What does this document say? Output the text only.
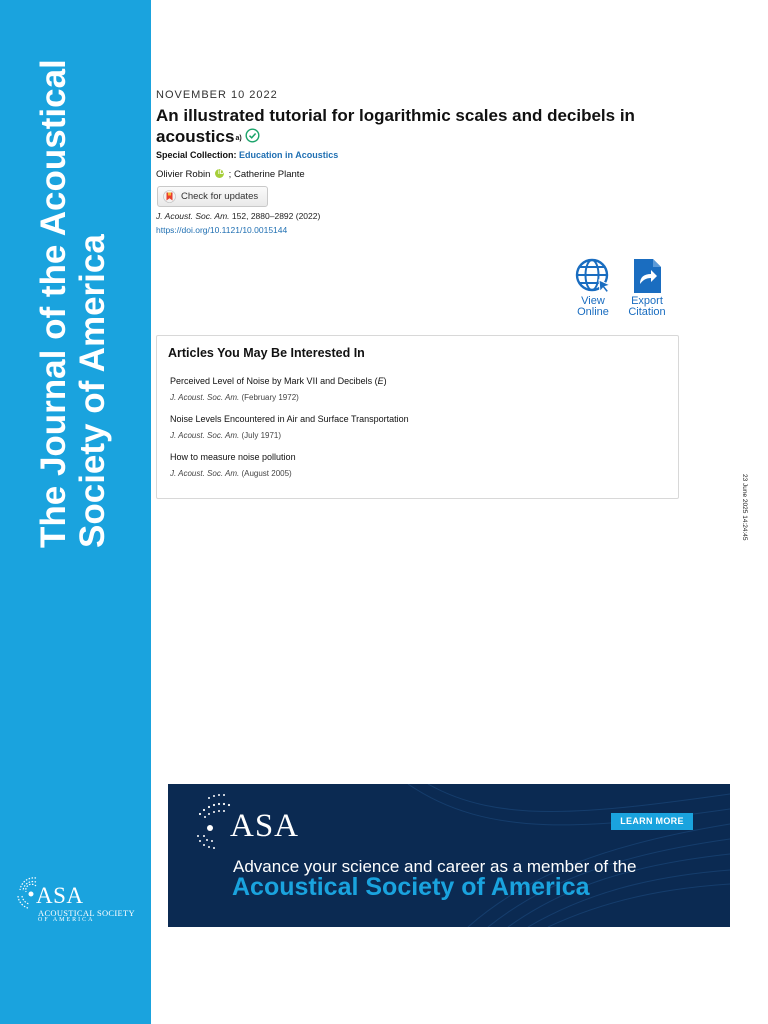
The Journal of the Acoustical Society of America
ASA
ACOUSTICAL SOCIETY
OF AMERICA
NOVEMBER 10 2022
An illustrated tutorial for logarithmic scales and decibels in acoustics$^{a)}$
Special Collection: Education in Acoustics
Olivier Robin iD ; Catherine Plante
Check for updates
J. Acoust. Soc. Am. 152, 2880–2892 (2022)
https://doi.org/10.1121/10.0015144
View
Online
Export
Citation
Articles You May Be Interested In
Perceived Level of Noise by Mark VII and Decibels (E)
J. Acoust. Soc. Am. (February 1972)
Noise Levels Encountered in Air and Surface Transportation
J. Acoust. Soc. Am. (July 1971)
How to measure noise pollution
J. Acoust. Soc. Am. (August 2005)
23 June 2025 14:24:45
ASA	LEARN MORE
Advance your science and career as a member of the
Acoustical Society of America
